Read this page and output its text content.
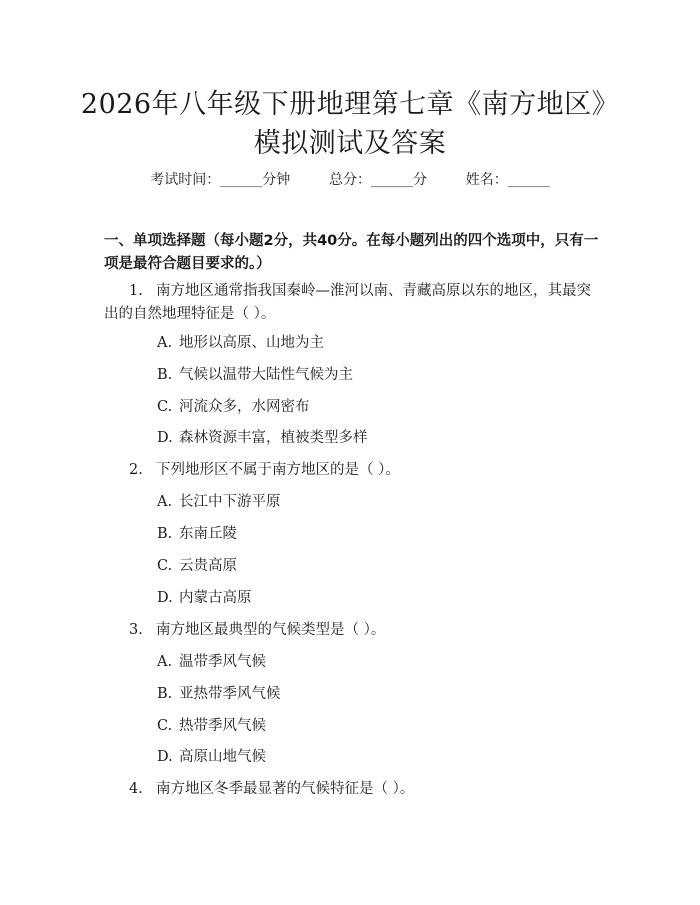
2026年八年级下册地理第七章《南方地区》
模拟测试及答案
考试时间：______分钟	总分：______分	姓名：______
一、单项选择题（每小题2分，共40分。在每小题列出的四个选项中，只有一项是最符合题目要求的。）
1. 南方地区通常指我国秦岭—淮河以南、青藏高原以东的地区，其最突出的自然地理特征是（ ）。
A. 地形以高原、山地为主
B. 气候以温带大陆性气候为主
C. 河流众多，水网密布
D. 森林资源丰富，植被类型多样
2. 下列地形区不属于南方地区的是（ ）。
A. 长江中下游平原
B. 东南丘陵
C. 云贵高原
D. 内蒙古高原
3. 南方地区最典型的气候类型是（ ）。
A. 温带季风气候
B. 亚热带季风气候
C. 热带季风气候
D. 高原山地气候
4. 南方地区冬季最显著的气候特征是（ ）。
